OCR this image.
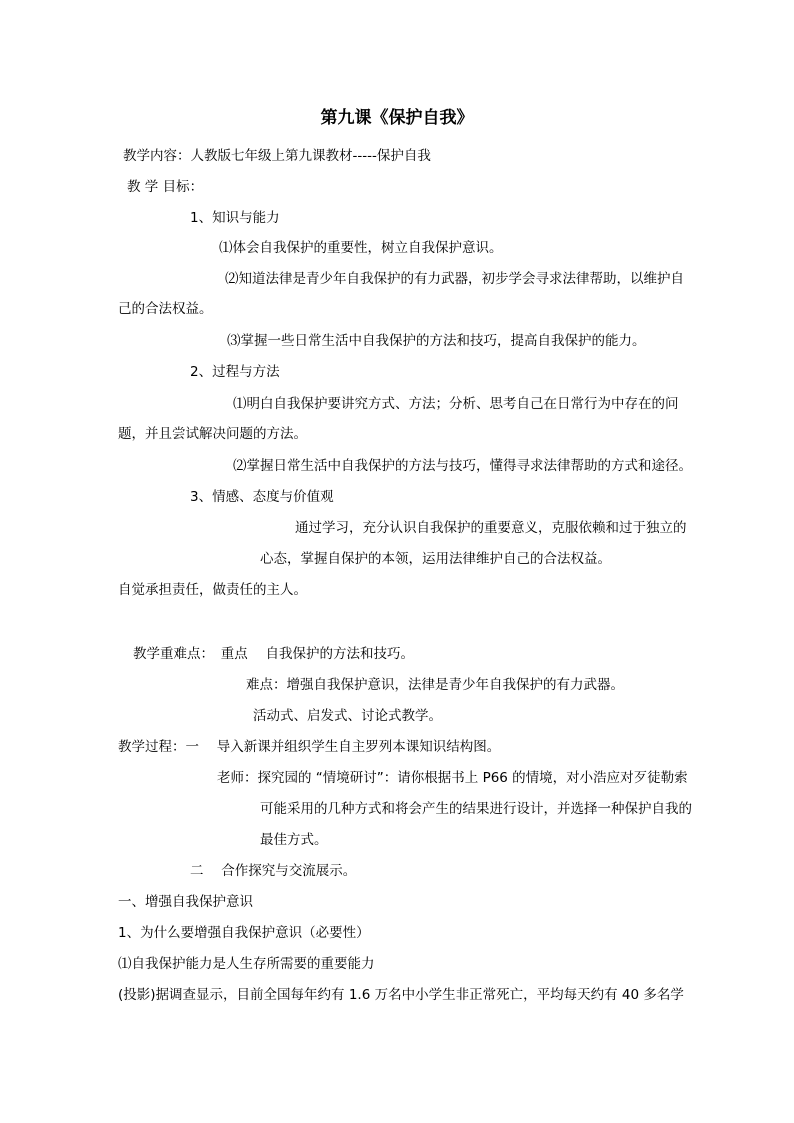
第九课《保护自我》
教学内容：人教版七年级上第九课教材-----保护自我
教 学 目标：
1、知识与能力
⑴体会自我保护的重要性，树立自我保护意识。
⑵知道法律是青少年自我保护的有力武器，初步学会寻求法律帮助，以维护自
己的合法权益。
⑶掌握一些日常生活中自我保护的方法和技巧，提高自我保护的能力。
2、过程与方法
⑴明白自我保护要讲究方式、方法；分析、思考自己在日常行为中存在的问
题，并且尝试解决问题的方法。
⑵掌握日常生活中自我保护的方法与技巧，懂得寻求法律帮助的方式和途径。
3、情感、态度与价值观
通过学习，充分认识自我保护的重要意义，克服依赖和过于独立的
心态，掌握自保护的本领，运用法律维护自己的合法权益。
自觉承担责任，做责任的主人。
教学重难点：　重点　 自我保护的方法和技巧。
难点：增强自我保护意识，法律是青少年自我保护的有力武器。
活动式、启发式、讨论式教学。
教学过程：一　 导入新课并组织学生自主罗列本课知识结构图。
老师：探究园的 “情境研讨”：请你根据书上 P66 的情境，对小浩应对歹徒勒索
可能采用的几种方式和将会产生的结果进行设计，并选择一种保护自我的
最佳方式。
二　 合作探究与交流展示。
一、增强自我保护意识
1、为什么要增强自我保护意识（必要性）
⑴自我保护能力是人生存所需要的重要能力
(投影)据调查显示，目前全国每年约有 1.6 万名中小学生非正常死亡，平均每天约有 40 多名学
